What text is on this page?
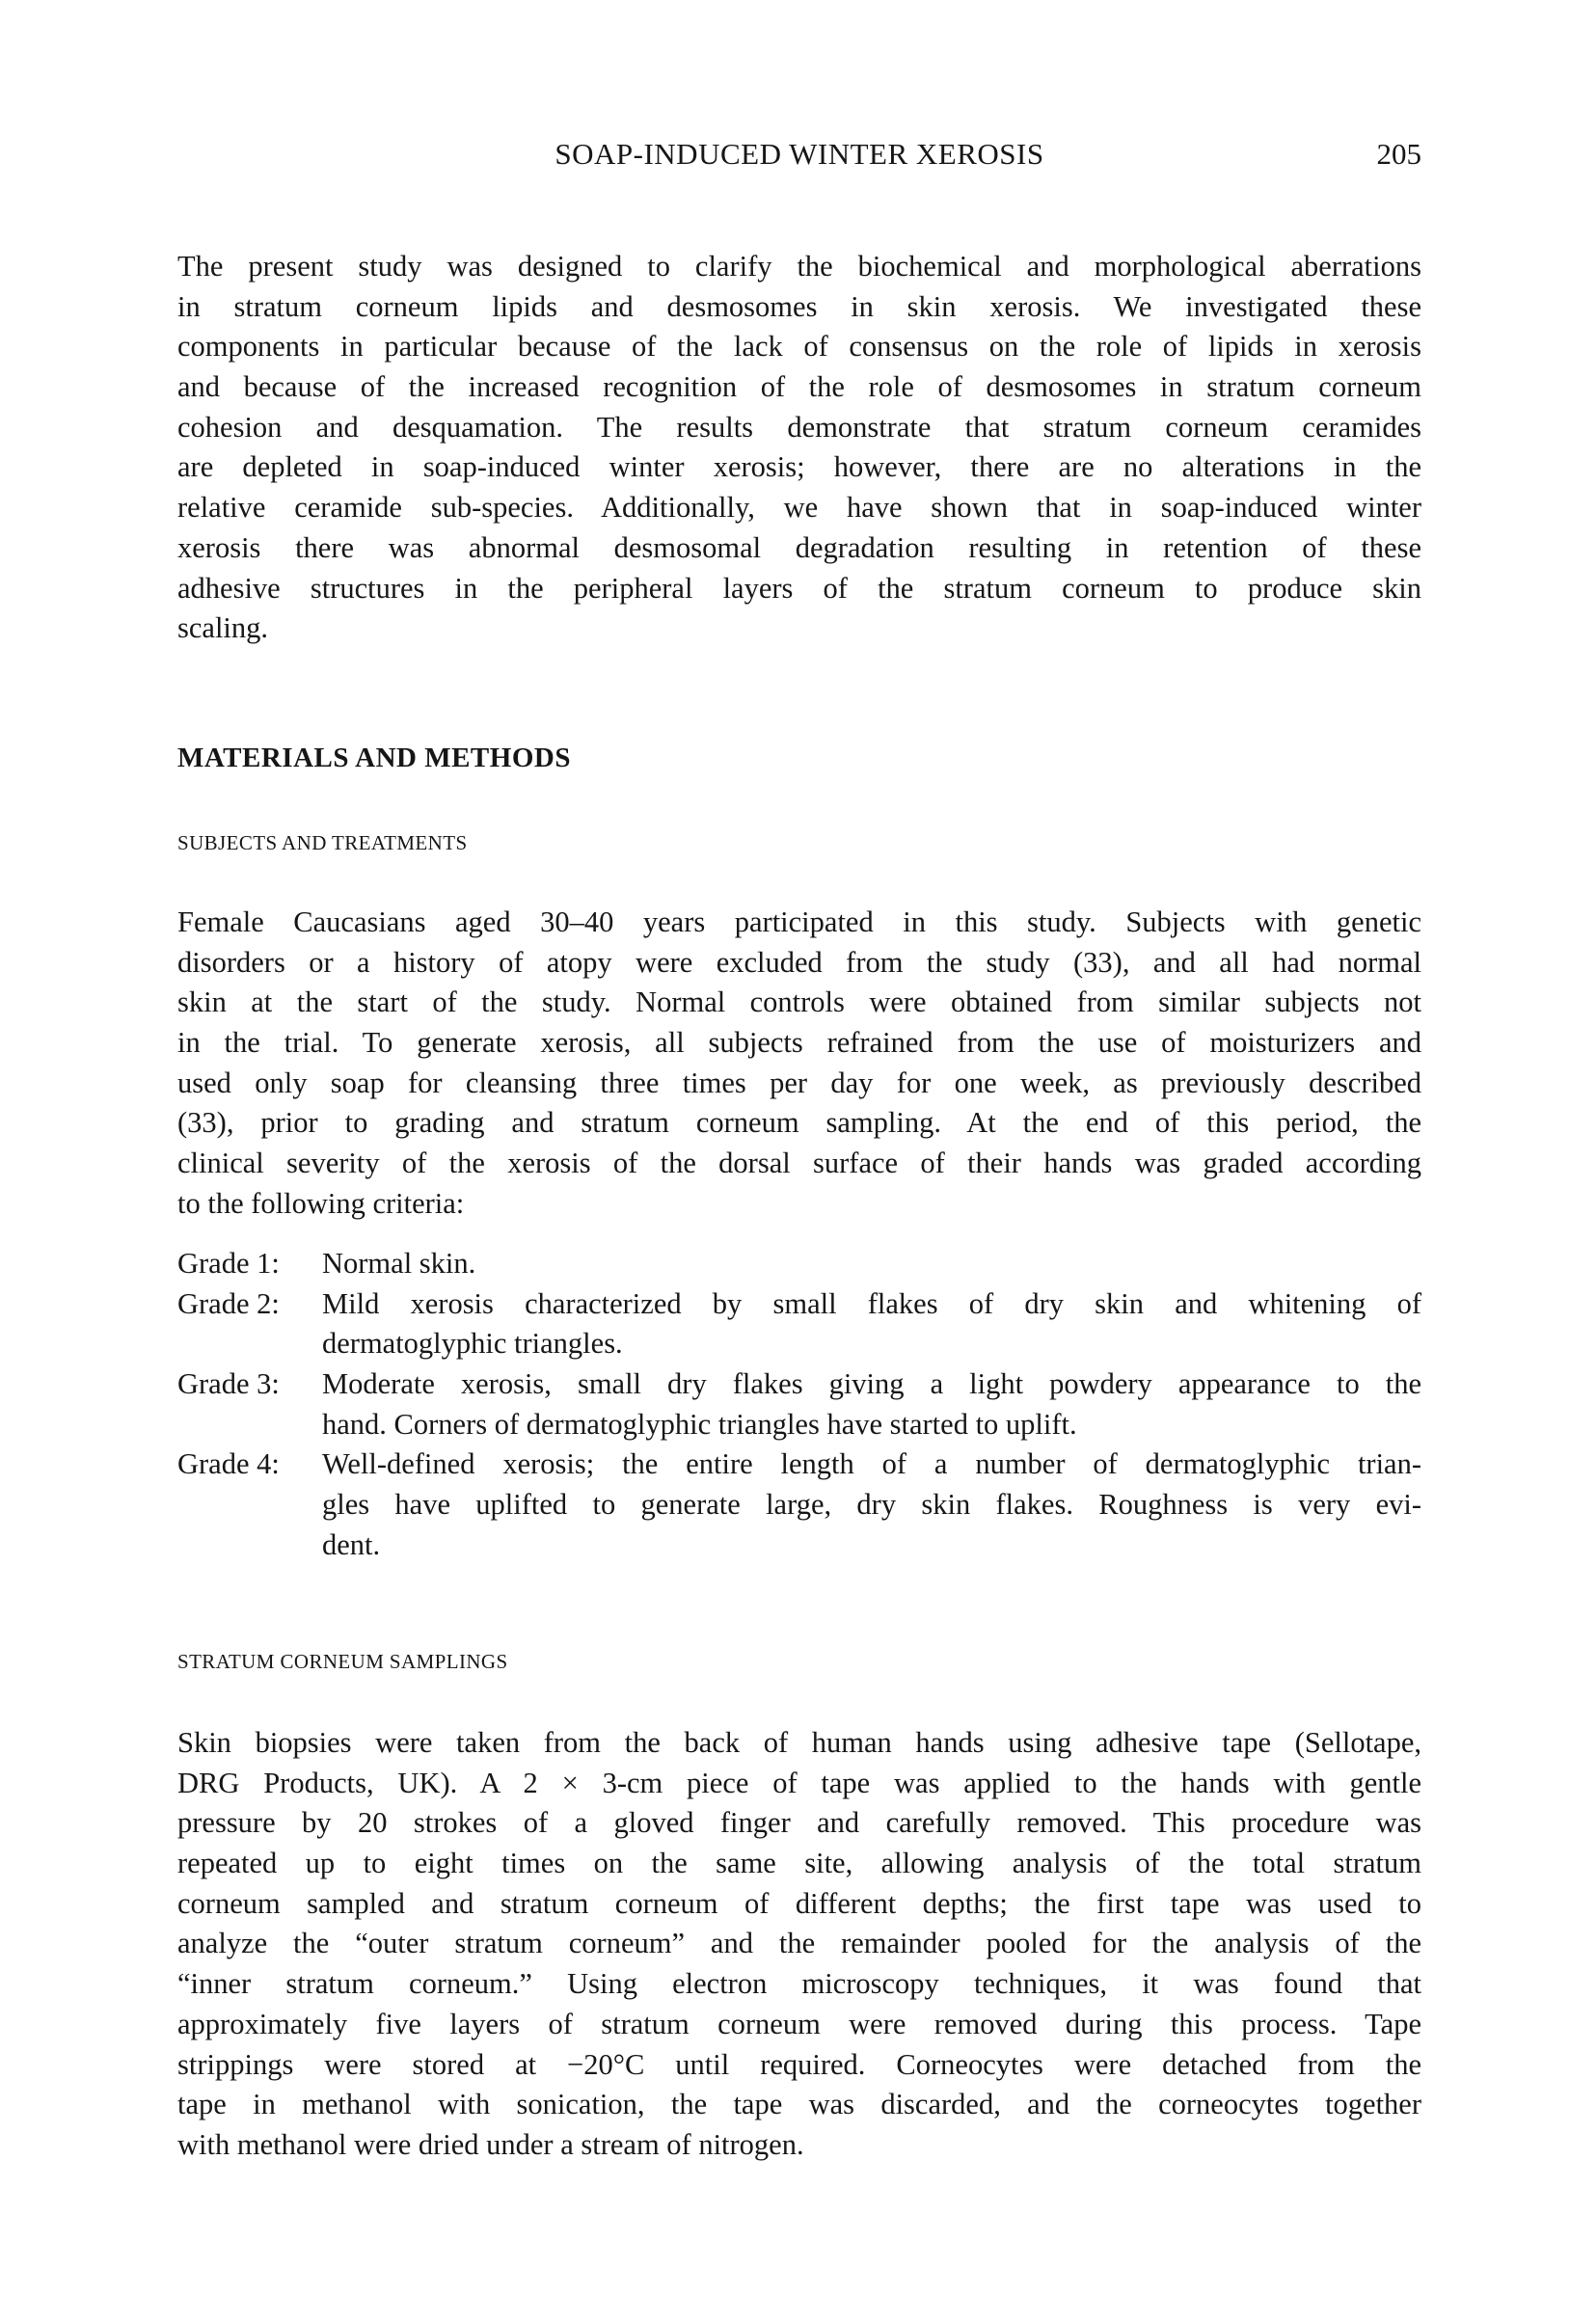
SOAP-INDUCED WINTER XEROSIS	205
The present study was designed to clarify the biochemical and morphological aberrations
in stratum corneum lipids and desmosomes in skin xerosis. We investigated these
components in particular because of the lack of consensus on the role of lipids in xerosis
and because of the increased recognition of the role of desmosomes in stratum corneum
cohesion and desquamation. The results demonstrate that stratum corneum ceramides
are depleted in soap-induced winter xerosis; however, there are no alterations in the
relative ceramide sub-species. Additionally, we have shown that in soap-induced winter
xerosis there was abnormal desmosomal degradation resulting in retention of these
adhesive structures in the peripheral layers of the stratum corneum to produce skin
scaling.
MATERIALS AND METHODS
SUBJECTS AND TREATMENTS
Female Caucasians aged 30–40 years participated in this study. Subjects with genetic
disorders or a history of atopy were excluded from the study (33), and all had normal
skin at the start of the study. Normal controls were obtained from similar subjects not
in the trial. To generate xerosis, all subjects refrained from the use of moisturizers and
used only soap for cleansing three times per day for one week, as previously described
(33), prior to grading and stratum corneum sampling. At the end of this period, the
clinical severity of the xerosis of the dorsal surface of their hands was graded according
to the following criteria:
Grade 1:	Normal skin.
Grade 2:	Mild xerosis characterized by small flakes of dry skin and whitening of
dermatoglyphic triangles.
Grade 3:	Moderate xerosis, small dry flakes giving a light powdery appearance to the
hand. Corners of dermatoglyphic triangles have started to uplift.
Grade 4:	Well-defined xerosis; the entire length of a number of dermatoglyphic trian-
gles have uplifted to generate large, dry skin flakes. Roughness is very evi-
dent.
STRATUM CORNEUM SAMPLINGS
Skin biopsies were taken from the back of human hands using adhesive tape (Sellotape,
DRG Products, UK). A 2 × 3-cm piece of tape was applied to the hands with gentle
pressure by 20 strokes of a gloved finger and carefully removed. This procedure was
repeated up to eight times on the same site, allowing analysis of the total stratum
corneum sampled and stratum corneum of different depths; the first tape was used to
analyze the “outer stratum corneum” and the remainder pooled for the analysis of the
“inner stratum corneum.” Using electron microscopy techniques, it was found that
approximately five layers of stratum corneum were removed during this process. Tape
strippings were stored at −20°C until required. Corneocytes were detached from the
tape in methanol with sonication, the tape was discarded, and the corneocytes together
with methanol were dried under a stream of nitrogen.
